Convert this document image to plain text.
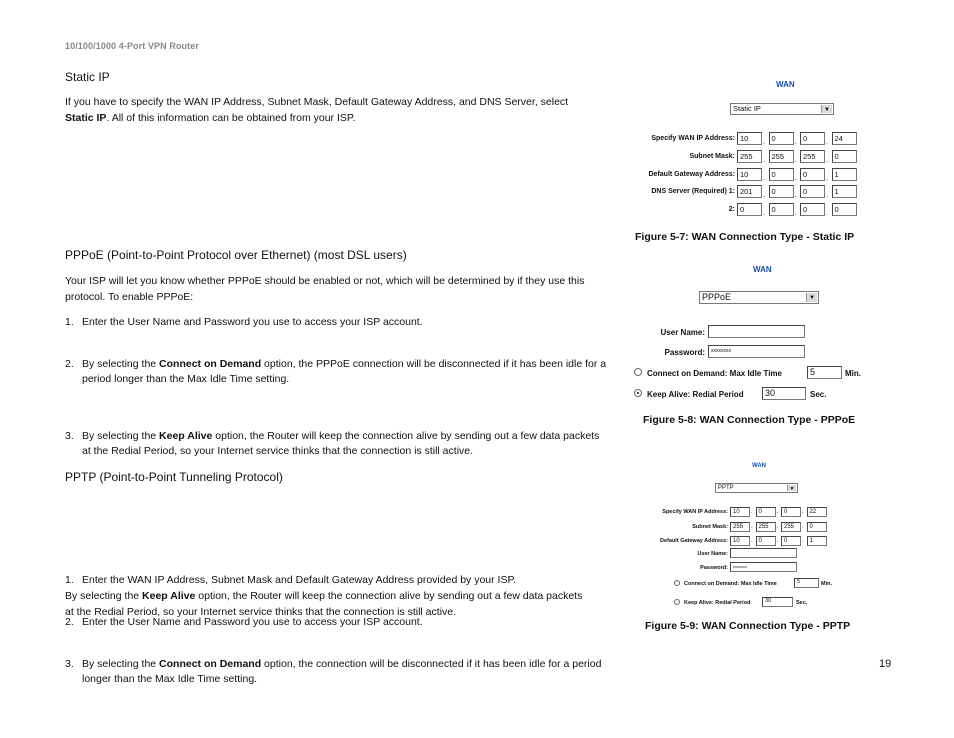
10/100/1000 4-Port VPN Router
Static IP
If you have to specify the WAN IP Address, Subnet Mask, Default Gateway Address, and DNS Server, select Static IP. All of this information can be obtained from your ISP.
PPPoE (Point-to-Point Protocol over Ethernet) (most DSL users)
Your ISP will let you know whether PPPoE should be enabled or not, which will be determined by if they use this protocol. To enable PPPoE:
1. Enter the User Name and Password you use to access your ISP account.
2. By selecting the Connect on Demand option, the PPPoE connection will be disconnected if it has been idle for a period longer than the Max Idle Time setting.
3. By selecting the Keep Alive option, the Router will keep the connection alive by sending out a few data packets at the Redial Period, so your Internet service thinks that the connection is still active.
PPTP (Point-to-Point Tunneling Protocol)
1. Enter the WAN IP Address, Subnet Mask and Default Gateway Address provided by your ISP.
2. Enter the User Name and Password you use to access your ISP account.
3. By selecting the Connect on Demand option, the connection will be disconnected if it has been idle for a period longer than the Max Idle Time setting.
By selecting the Keep Alive option, the Router will keep the connection alive by sending out a few data packets at the Redial Period, so your Internet service thinks that the connection is still active.
WAN
Static IP	▼
Specify WAN IP Address: 10	. 0	. 0	. 24
Subnet Mask: 255	. 255	. 255	. 0
Default Gateway Address: 10	. 0	. 0	. 1
DNS Server (Required) 1: 201	. 0	. 0	. 1
2: 0	. 0	. 0	. 0
Figure 5-7: WAN Connection Type - Static IP
WAN
PPPoE	▼
User Name:
Password:	xxxxxxxx
Connect on Demand: Max Idle Time	5	Min.
Keep Alive: Redial Period	30	Sec.
Figure 5-8: WAN Connection Type - PPPoE
WAN
PPTP	▼
Specify WAN IP Address: 10	. 0	. 0	. 22
Subnet Mask: 255	. 255	. 255	. 0
Default Gateway Address: 10	. 0	. 0	. 1
User Name:
Password:	xxxxxxx
Connect on Demand: Max Idle Time	5	Min.
Keep Alive: Redial Period	30	Sec.
Figure 5-9: WAN Connection Type - PPTP
19
